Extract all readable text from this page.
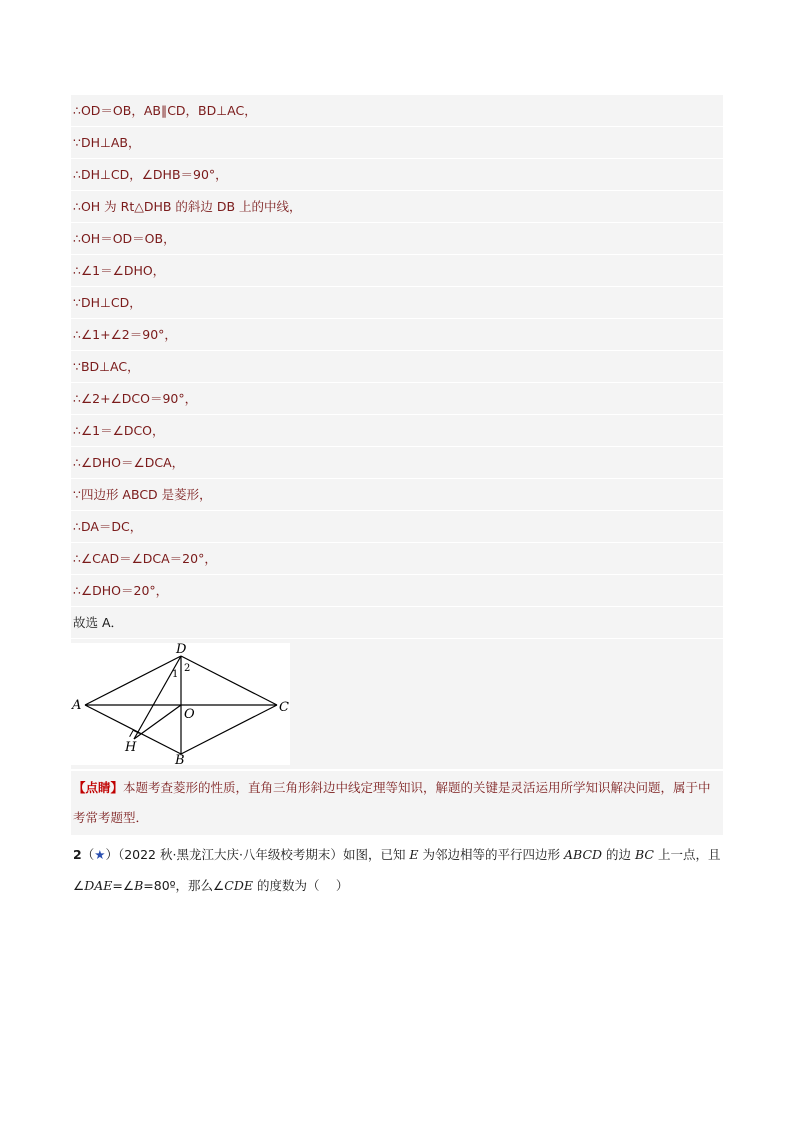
∴OD＝OB，AB∥CD，BD⊥AC，
∵DH⊥AB，
∴DH⊥CD，∠DHB＝90°，
∴OH 为 Rt△DHB 的斜边 DB 上的中线，
∴OH＝OD＝OB，
∴∠1＝∠DHO，
∵DH⊥CD，
∴∠1+∠2＝90°，
∵BD⊥AC，
∴∠2+∠DCO＝90°，
∴∠1＝∠DCO，
∴∠DHO＝∠DCA，
∵四边形 ABCD 是菱形，
∴DA＝DC，
∴∠CAD＝∠DCA＝20°，
∴∠DHO＝20°，
故选 A．
D
A	C
B
O
H
1
2
【点睛】本题考查菱形的性质，直角三角形斜边中线定理等知识，解题的关键是灵活运用所学知识解决问题，属于中考常考题型．
2（★）（2022 秋·黑龙江大庆·八年级校考期末）如图，已知 E 为邻边相等的平行四边形 ABCD 的边 BC 上一点，且∠DAE=∠B=80º，那么∠CDE 的度数为（　 ）
